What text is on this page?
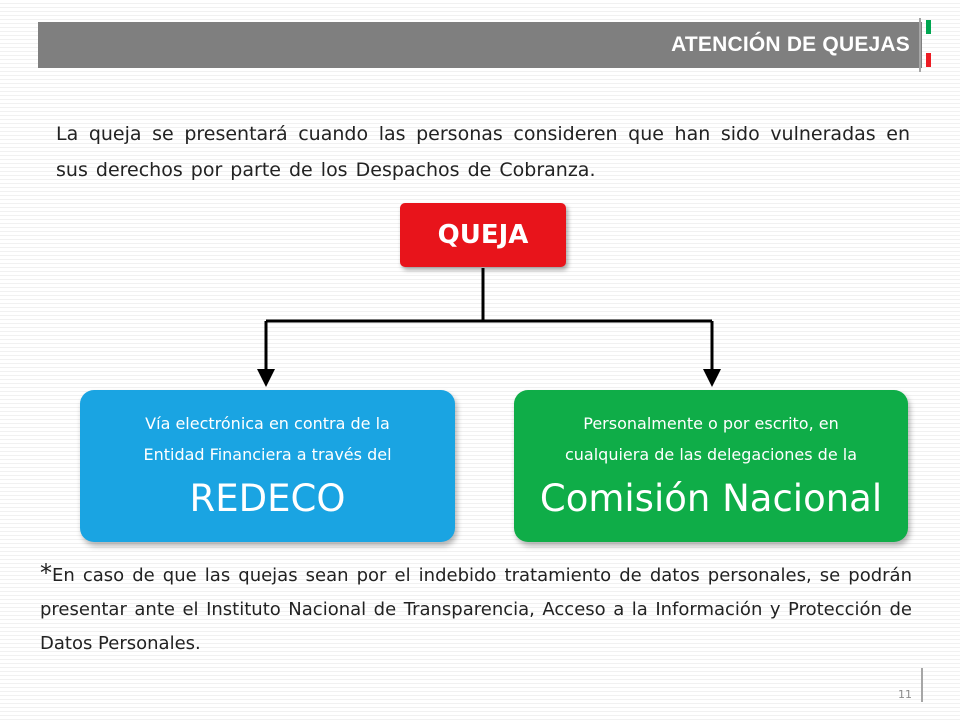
ATENCIÓN DE QUEJAS

La queja se presentará cuando las personas consideren que han sido vulneradas en sus derechos por parte de los Despachos de Cobranza.

QUEJA
Vía electrónica en contra de la
Entidad Financiera a través del
REDECO
Personalmente o por escrito, en
cualquiera de las delegaciones de la
Comisión Nacional

*En caso de que las quejas sean por el indebido tratamiento de datos personales, se podrán presentar ante el Instituto Nacional de Transparencia, Acceso a la Información y Protección de Datos Personales.

11
